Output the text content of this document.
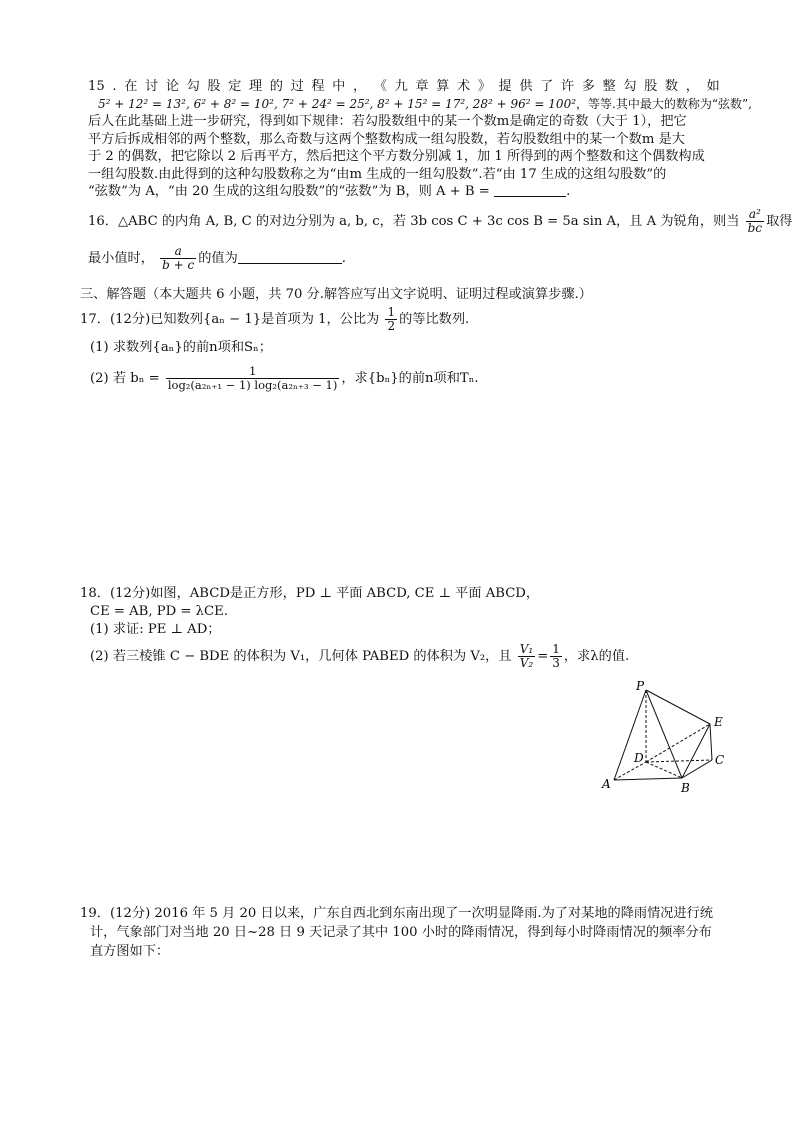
15 . 在 讨 论 勾 股 定 理 的 过 程 中 ， 《 九 章 算 术 》 提 供 了 许 多 整 勾 股 数 ， 如
5² + 12² = 13², 6² + 8² = 10², 7² + 24² = 25², 8² + 15² = 17², 28² + 96² = 100²，等等.其中最大的数称为“弦数”,
后人在此基础上进一步研究，得到如下规律：若勾股数组中的某一个数m是确定的奇数（大于 1），把它
平方后拆成相邻的两个整数，那么奇数与这两个整数构成一组勾股数，若勾股数组中的某一个数m 是大
于 2 的偶数，把它除以 2 后再平方，然后把这个平方数分别减 1，加 1 所得到的两个整数和这个偶数构成
一组勾股数.由此得到的这种勾股数称之为“由m 生成的一组勾股数”.若“由 17 生成的这组勾股数”的
“弦数”为 A，“由 20 生成的这组勾股数”的“弦数”为 B，则 A + B =	.
16．△ABC 的内角 A, B, C 的对边分别为 a, b, c，若 3b cos C + 3c cos B = 5a sin A，且 A 为锐角，则当 $\frac{\text{a²}}{bc}$ 取得
最小值时， $\frac{a}{b + c}$ 的值为	.
三、解答题（本大题共 6 小题，共 70 分.解答应写出文字说明、证明过程或演算步骤.）
17．(12分)已知数列{aₙ − 1}是首项为 1，公比为 $\frac{1}{2}$ 的等比数列.
(1) 求数列{aₙ}的前n项和Sₙ；
(2) 若 $b_n = \frac{1}{\text{log₂(a₂ₙ₊₁ − 1) log₂(a₂ₙ₊₃ − 1)}}$ ，求{bₙ}的前n项和Tₙ.
18．(12分)如图，ABCD是正方形，PD ⊥ 平面 ABCD, CE ⊥ 平面 ABCD，
CE = AB, PD = λCE.
(1) 求证: PE ⊥ AD；
(2) 若三棱锥 C − BDE 的体积为 V₁，几何体 PABED 的体积为 V₂，且 $\frac{\text{V₁}}{\text{V₂}} = \frac{1}{3}$ ，求λ的值.
P
E
D	C
A	B
19．(12分) 2016 年 5 月 20 日以来，广东自西北到东南出现了一次明显降雨.为了对某地的降雨情况进行统
计，气象部门对当地 20 日~28 日 9 天记录了其中 100 小时的降雨情况，得到每小时降雨情况的频率分布
直方图如下：
